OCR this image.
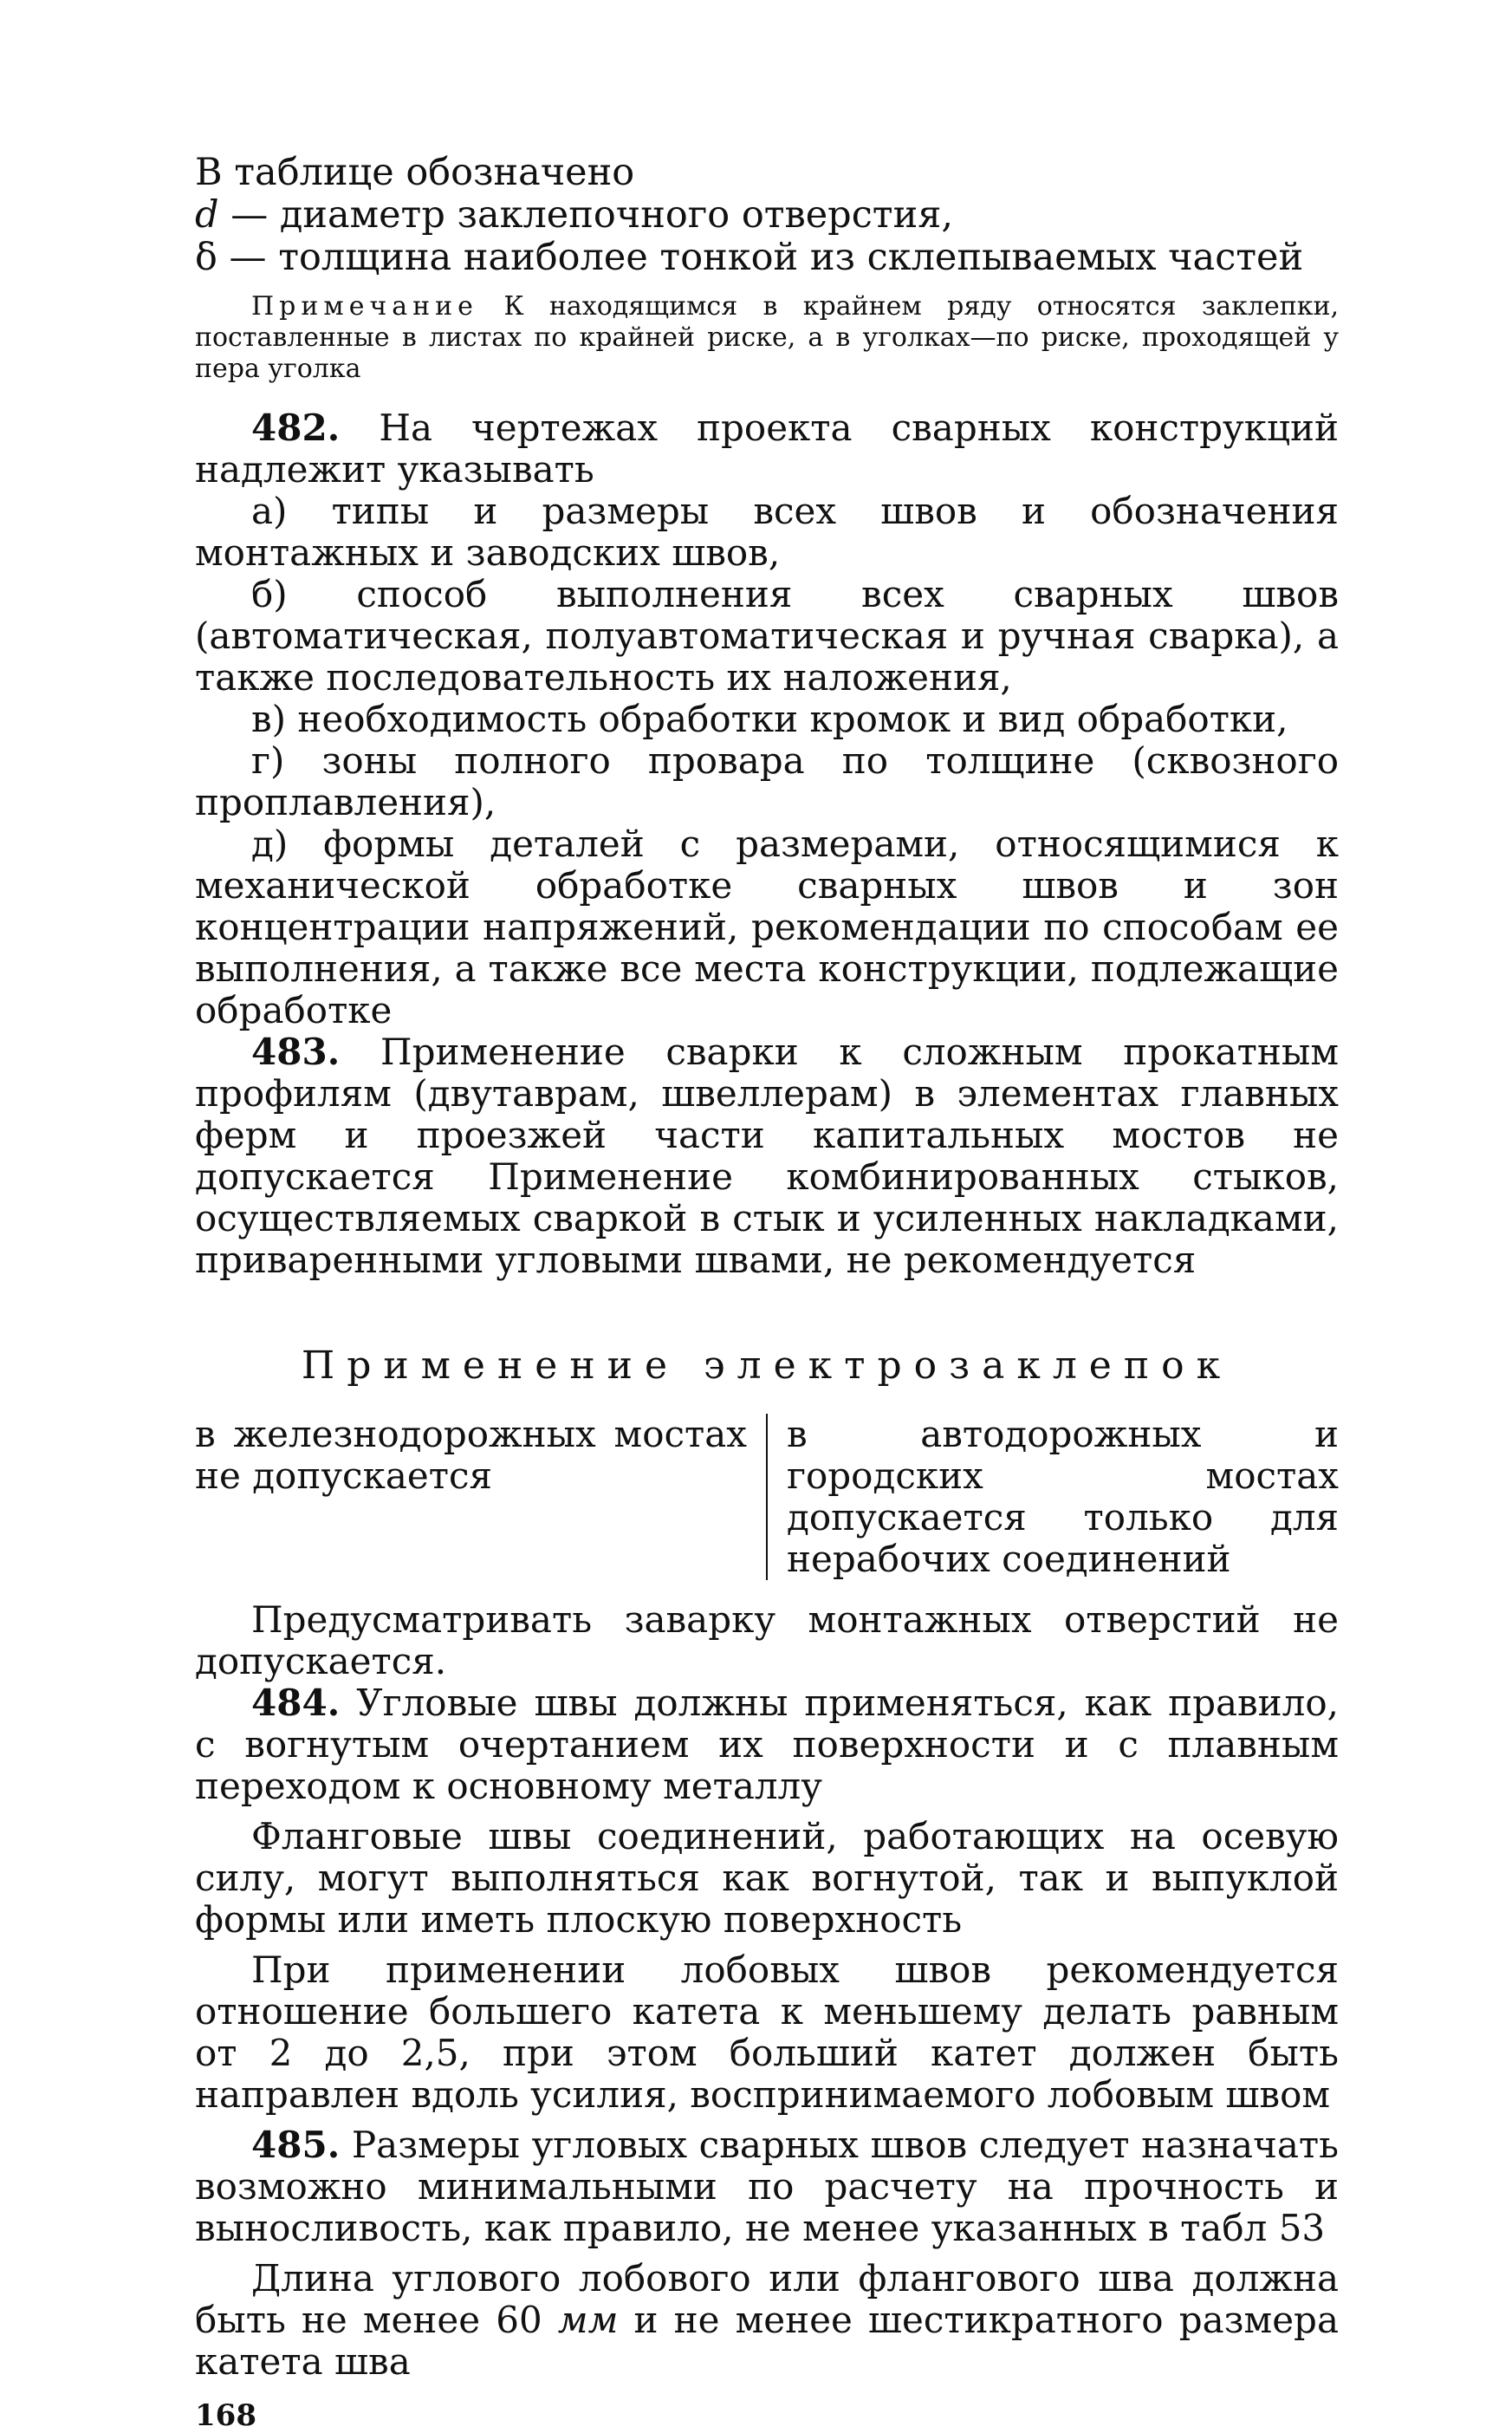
В таблице обозначено
d — диаметр заклепочного отверстия,
δ — толщина наиболее тонкой из склепываемых частей
Примечание К находящимся в крайнем ряду относятся заклепки, поставленные в листах по крайней риске, а в уголках—по риске, проходящей у пера уголка
482. На чертежах проекта сварных конструкций надлежит указывать
а) типы и размеры всех швов и обозначения монтажных и заводских швов,
б) способ выполнения всех сварных швов (автоматическая, полуавтоматическая и ручная сварка), а также последовательность их наложения,
в) необходимость обработки кромок и вид обработки,
г) зоны полного провара по толщине (сквозного проплавления),
д) формы деталей с размерами, относящимися к механической обработке сварных швов и зон концентрации напряжений, рекомендации по способам ее выполнения, а также все места конструкции, подлежащие обработке
483. Применение сварки к сложным прокатным профилям (двутаврам, швеллерам) в элементах главных ферм и проезжей части капитальных мостов не допускается Применение комбинированных стыков, осуществляемых сваркой в стык и усиленных накладками, приваренными угловыми швами, не рекомендуется
Применение электрозаклепок
в железнодорожных мостах не допускается
в автодорожных и городских мостах допускается только для нерабочих соединений
Предусматривать заварку монтажных отверстий не допускается.
484. Угловые швы должны применяться, как правило, с вогнутым очертанием их поверхности и с плавным переходом к основному металлу
Фланговые швы соединений, работающих на осевую силу, могут выполняться как вогнутой, так и выпуклой формы или иметь плоскую поверхность
При применении лобовых швов рекомендуется отношение большего катета к меньшему делать равным от 2 до 2,5, при этом больший катет должен быть направлен вдоль усилия, воспринимаемого лобовым швом
485. Размеры угловых сварных швов следует назначать возможно минимальными по расчету на прочность и выносливость, как правило, не менее указанных в табл 53
Длина углового лобового или флангового шва должна быть не менее 60 мм и не менее шестикратного размера катета шва
168
